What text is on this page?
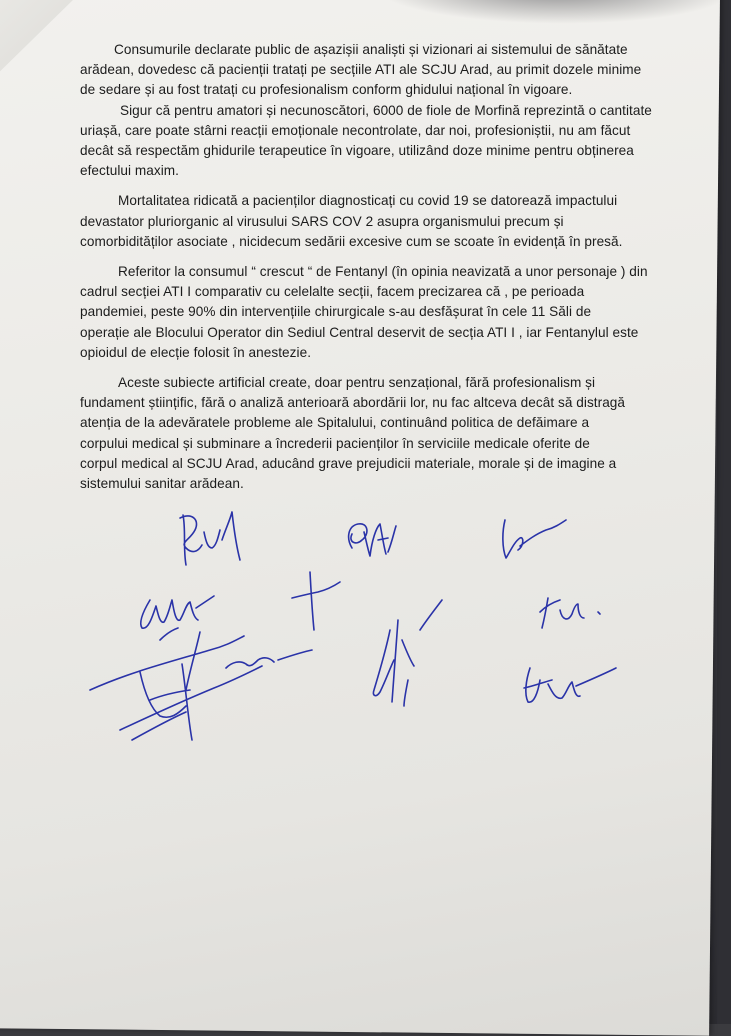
Consumurile declarate public de așazișii analiști și vizionari ai sistemului de sănătate
arădean, dovedesc că pacienții tratați pe secțiile ATI ale SCJU Arad, au primit dozele minime
de sedare și au fost tratați cu profesionalism conform ghidului național în vigoare.
Sigur că pentru amatori și necunoscători, 6000 de fiole de Morfină reprezintă o cantitate
uriașă, care poate stârni reacții emoționale necontrolate, dar noi, profesioniștii, nu am făcut
decât să respectăm ghidurile terapeutice în vigoare, utilizând doze minime pentru obținerea
efectului maxim.
Mortalitatea ridicată a pacienților diagnosticați cu covid 19 se datorează impactului
devastator pluriorganic al virusului SARS COV 2 asupra organismului precum și
comorbidităților asociate , nicidecum sedării excesive cum se scoate în evidență în presă.
Referitor la consumul “ crescut “ de Fentanyl (în opinia neavizată a unor personaje ) din
cadrul secției ATI I comparativ cu celelalte secții, facem precizarea că , pe perioada
pandemiei, peste 90% din intervențiile chirurgicale s-au desfășurat în cele 11 Săli de
operație ale Blocului Operator din Sediul Central deservit de secția ATI I , iar Fentanylul este
opioidul de elecție folosit în anestezie.
Aceste subiecte artificial create, doar pentru senzațional, fără profesionalism și
fundament științific, fără o analiză anterioară abordării lor, nu fac altceva decât să distragă
atenția de la adevăratele probleme ale Spitalului, continuând politica de defăimare a
corpului medical și subminare a încrederii pacienților în serviciile medicale oferite de
corpul medical al SCJU Arad, aducând grave prejudicii materiale, morale și de imagine a
sistemului sanitar arădean.
